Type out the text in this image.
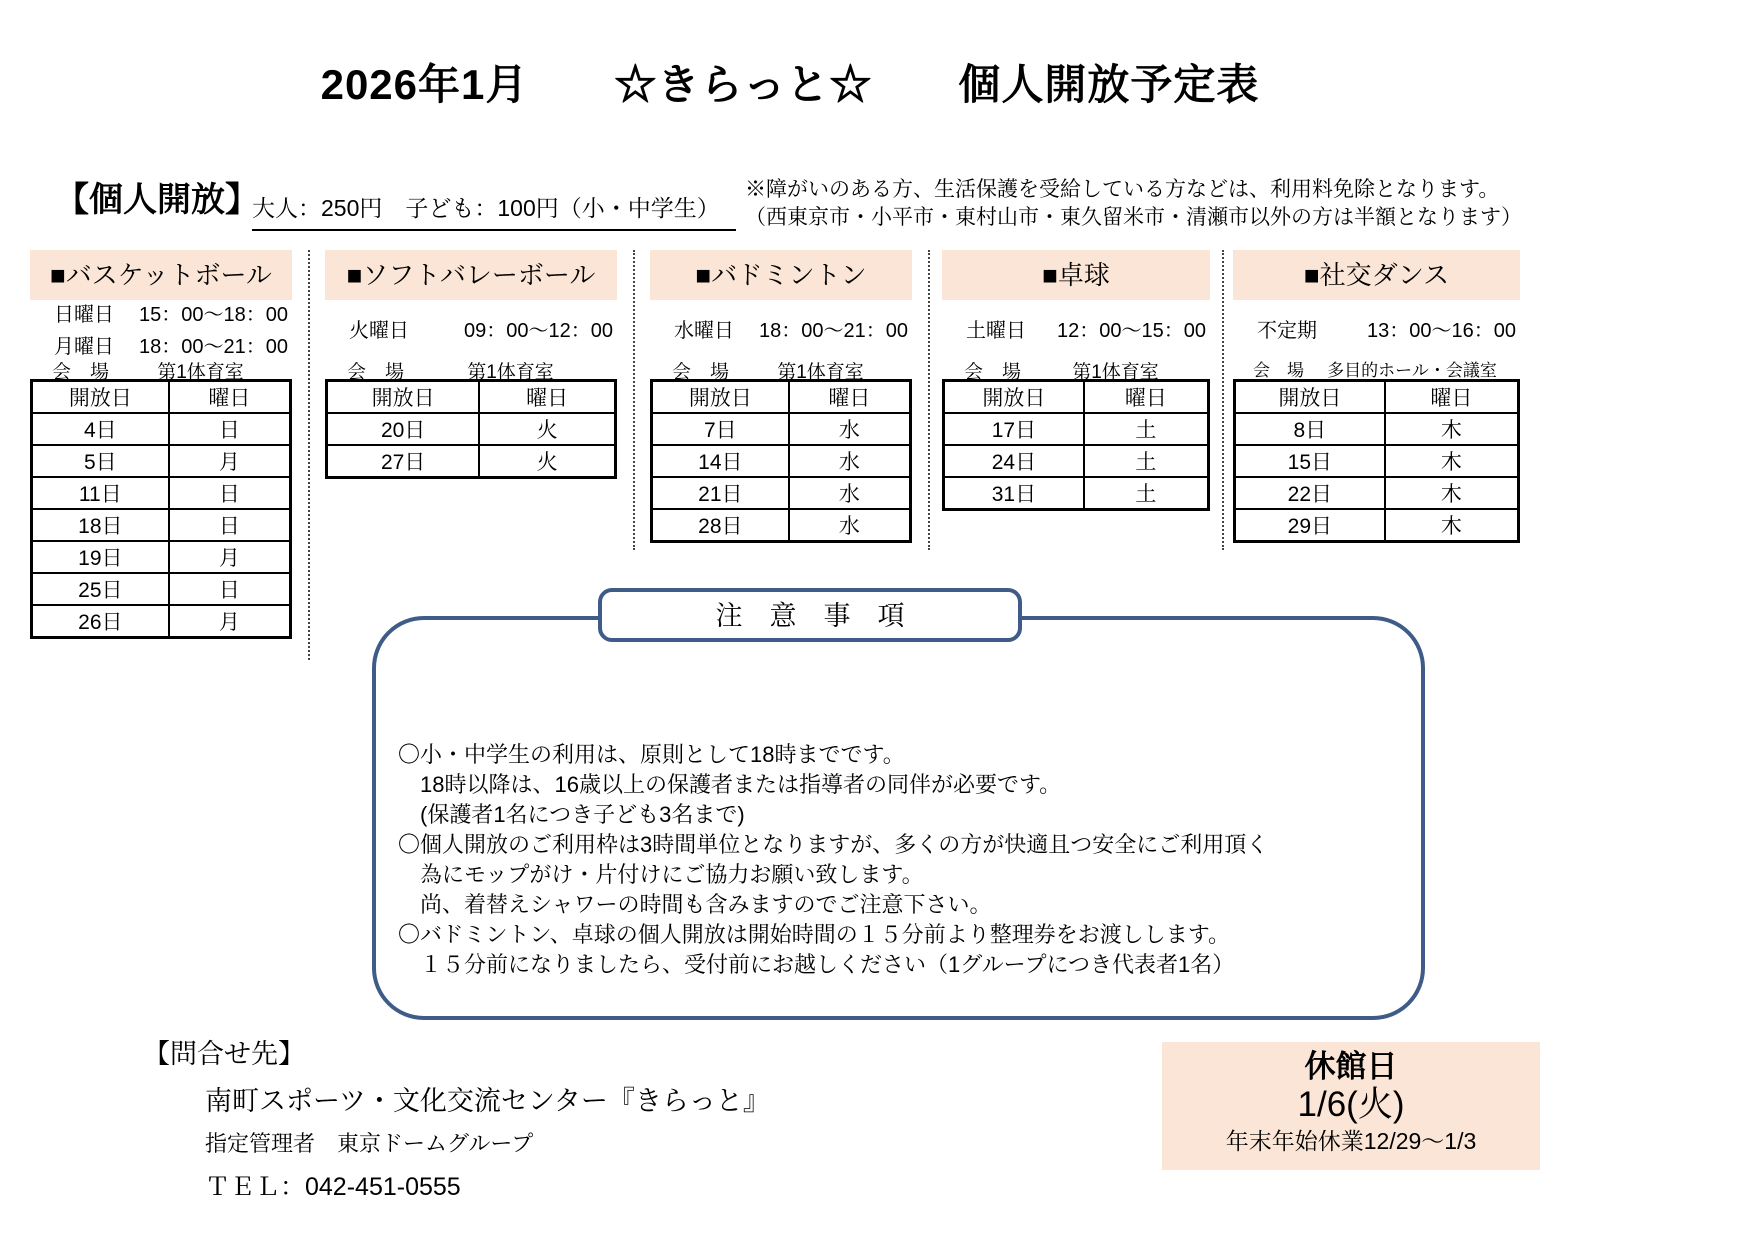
2026年1月　　☆きらっと☆　　個人開放予定表
【個人開放】
大人：250円　子ども：100円（小・中学生）
※障がいのある方、生活保護を受給している方などは、利用料免除となります。
（西東京市・小平市・東村山市・東久留米市・清瀬市以外の方は半額となります）
■バスケットボール
日曜日 15：00～18：00
月曜日 18：00～21：00
会　場	第1体育室
開放日	曜日
4日	日
5日	月
11日	日
18日	日
19日	月
25日	日
26日	月
■ソフトバレーボール
火曜日	09：00～12：00
会　場	第1体育室
開放日	曜日
20日	火
27日	火
■バドミントン
水曜日 18：00～21：00
会　場	第1体育室
開放日	曜日
7日	水
14日	水
21日	水
28日	水
■卓球
土曜日 12：00～15：00
会　場	第1体育室
開放日	曜日
17日	土
24日	土
31日	土
■社交ダンス
不定期	13：00～16：00
会　場	多目的ホール・会議室
開放日	曜日
8日	木
15日	木
22日	木
29日	木
注　意　事　項
〇小・中学生の利用は、原則として18時までです。
　18時以降は、16歳以上の保護者または指導者の同伴が必要です。
　(保護者1名につき子ども3名まで)
〇個人開放のご利用枠は3時間単位となりますが、多くの方が快適且つ安全にご利用頂く
　為にモップがけ・片付けにご協力お願い致します。
　尚、着替えシャワーの時間も含みますのでご注意下さい。
〇バドミントン、卓球の個人開放は開始時間の１５分前より整理券をお渡しします。
　１５分前になりましたら、受付前にお越しください（1グループにつき代表者1名）
【問合せ先】
南町スポーツ・文化交流センター『きらっと』
指定管理者　東京ドームグループ
ＴＥＬ：042-451-0555
休館日
1/6(火)
年末年始休業12/29～1/3
